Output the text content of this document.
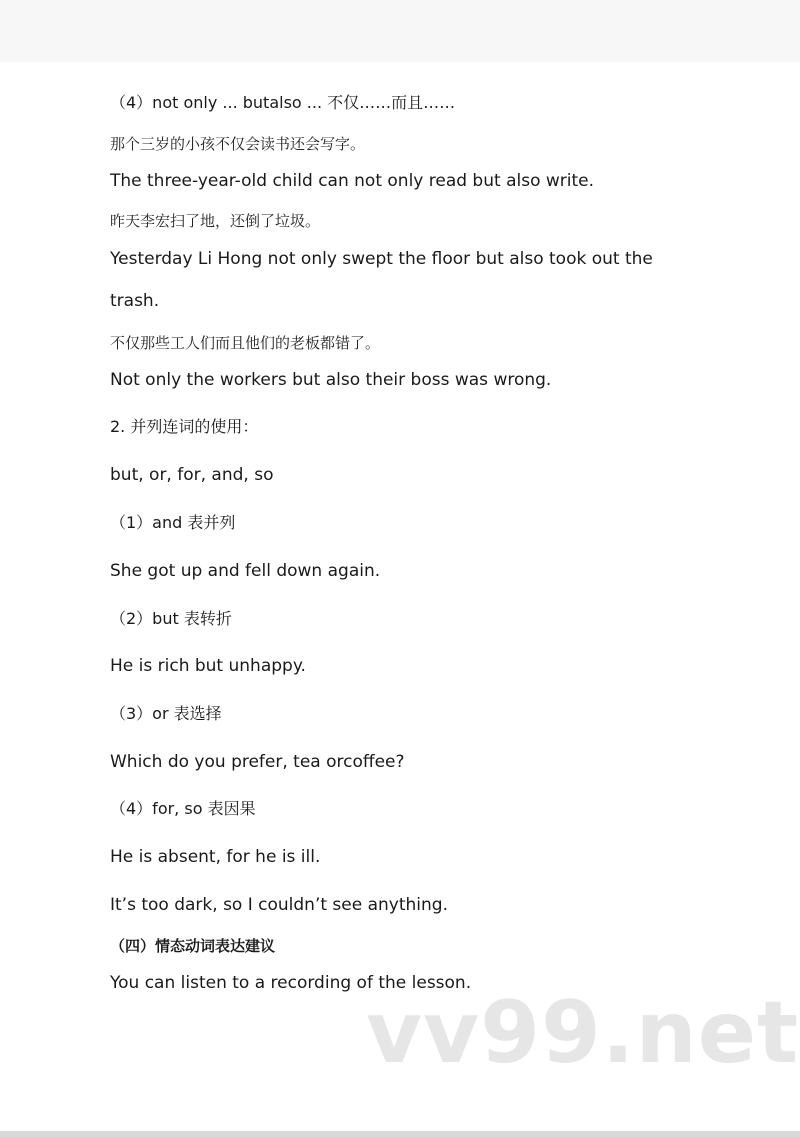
（4）not only ... butalso ... 不仅……而且……
那个三岁的小孩不仅会读书还会写字。
The three-year-old child can not only read but also write.
昨天李宏扫了地，还倒了垃圾。
Yesterday Li Hong not only swept the floor but also took out the
trash.
不仅那些工人们而且他们的老板都错了。
Not only the workers but also their boss was wrong.
2. 并列连词的使用：
but, or, for, and, so
（1）and 表并列
She got up and fell down again.
（2）but 表转折
He is rich but unhappy.
（3）or 表选择
Which do you prefer, tea orcoffee?
（4）for, so 表因果
He is absent, for he is ill.
It’s too dark, so I couldn’t see anything.
（四）情态动词表达建议
You can listen to a recording of the lesson.
vv99.net
